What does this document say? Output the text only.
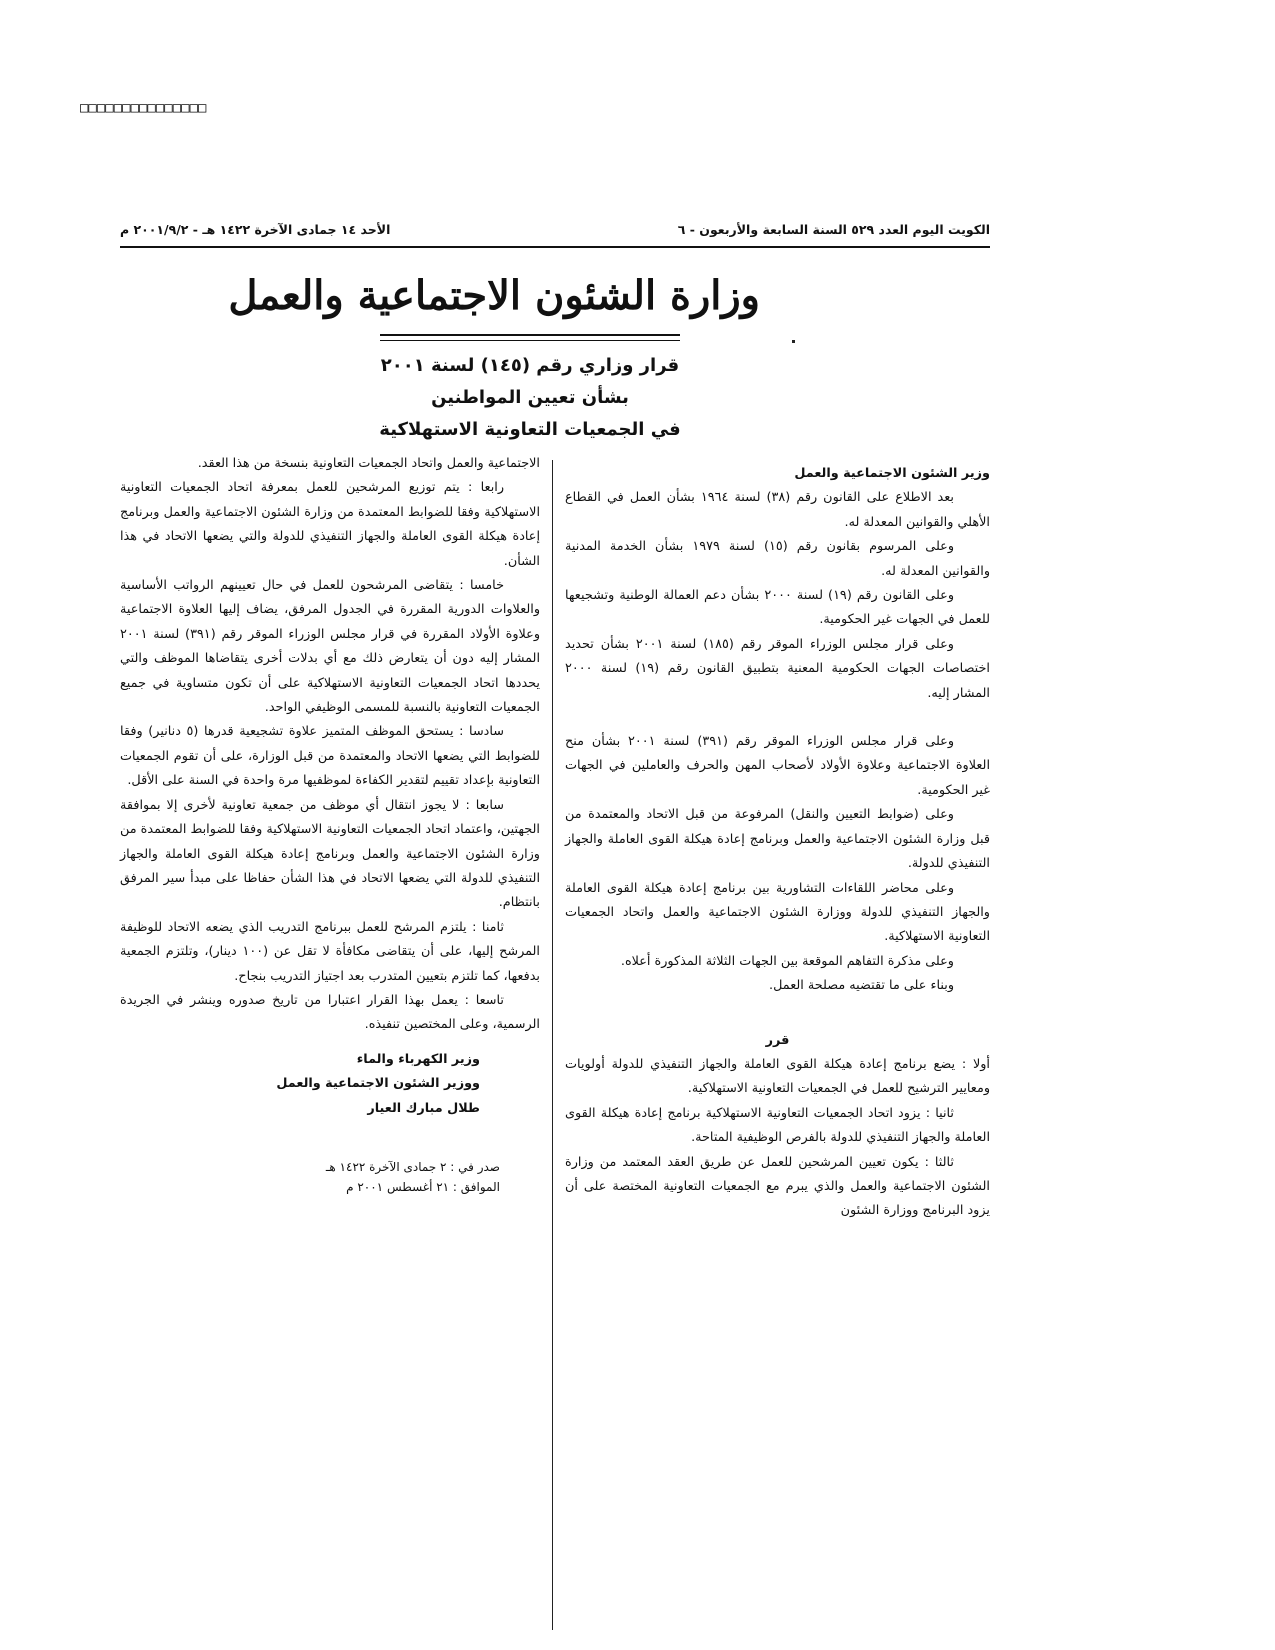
□□□□□□□□□□□□□□□
الكويت اليوم العدد ٥٢٩ السنة السابعة والأربعون - ٦
الأحد ١٤ جمادى الآخرة ١٤٢٢ هـ - ٢٠٠١/٩/٢ م
وزارة الشئون الاجتماعية والعمل
قرار وزاري رقم (١٤٥) لسنة ٢٠٠١
بشأن تعيين المواطنين
في الجمعيات التعاونية الاستهلاكية

وزير الشئون الاجتماعية والعمل

بعد الاطلاع على القانون رقم (٣٨) لسنة ١٩٦٤ بشأن العمل في القطاع الأهلي والقوانين المعدلة له.

وعلى المرسوم بقانون رقم (١٥) لسنة ١٩٧٩ بشأن الخدمة المدنية والقوانين المعدلة له.

وعلى القانون رقم (١٩) لسنة ٢٠٠٠ بشأن دعم العمالة الوطنية وتشجيعها للعمل في الجهات غير الحكومية.

وعلى قرار مجلس الوزراء الموقر رقم (١٨٥) لسنة ٢٠٠١ بشأن تحديد اختصاصات الجهات الحكومية المعنية بتطبيق القانون رقم (١٩) لسنة ٢٠٠٠ المشار إليه.

وعلى قرار مجلس الوزراء الموقر رقم (٣٩١) لسنة ٢٠٠١ بشأن منح العلاوة الاجتماعية وعلاوة الأولاد لأصحاب المهن والحرف والعاملين في الجهات غير الحكومية.

وعلى (ضوابط التعيين والنقل) المرفوعة من قبل الاتحاد والمعتمدة من قبل وزارة الشئون الاجتماعية والعمل وبرنامج إعادة هيكلة القوى العاملة والجهاز التنفيذي للدولة.

وعلى محاضر اللقاءات التشاورية بين برنامج إعادة هيكلة القوى العاملة والجهاز التنفيذي للدولة ووزارة الشئون الاجتماعية والعمل واتحاد الجمعيات التعاونية الاستهلاكية.

وعلى مذكرة التفاهم الموقعة بين الجهات الثلاثة المذكورة أعلاه.

وبناء على ما تقتضيه مصلحة العمل.

قرر

أولا : يضع برنامج إعادة هيكلة القوى العاملة والجهاز التنفيذي للدولة أولويات ومعايير الترشيح للعمل في الجمعيات التعاونية الاستهلاكية.

ثانيا : يزود اتحاد الجمعيات التعاونية الاستهلاكية برنامج إعادة هيكلة القوى العاملة والجهاز التنفيذي للدولة بالفرص الوظيفية المتاحة.

ثالثا : يكون تعيين المرشحين للعمل عن طريق العقد المعتمد من وزارة الشئون الاجتماعية والعمل والذي يبرم مع الجمعيات التعاونية المختصة على أن يزود البرنامج ووزارة الشئون

الاجتماعية والعمل واتحاد الجمعيات التعاونية بنسخة من هذا العقد.

رابعا : يتم توزيع المرشحين للعمل بمعرفة اتحاد الجمعيات التعاونية الاستهلاكية وفقا للضوابط المعتمدة من وزارة الشئون الاجتماعية والعمل وبرنامج إعادة هيكلة القوى العاملة والجهاز التنفيذي للدولة والتي يضعها الاتحاد في هذا الشأن.

خامسا : يتقاضى المرشحون للعمل في حال تعيينهم الرواتب الأساسية والعلاوات الدورية المقررة في الجدول المرفق، يضاف إليها العلاوة الاجتماعية وعلاوة الأولاد المقررة في قرار مجلس الوزراء الموقر رقم (٣٩١) لسنة ٢٠٠١ المشار إليه دون أن يتعارض ذلك مع أي بدلات أخرى يتقاضاها الموظف والتي يحددها اتحاد الجمعيات التعاونية الاستهلاكية على أن تكون متساوية في جميع الجمعيات التعاونية بالنسبة للمسمى الوظيفي الواحد.

سادسا : يستحق الموظف المتميز علاوة تشجيعية قدرها (٥ دنانير) وفقا للضوابط التي يضعها الاتحاد والمعتمدة من قبل الوزارة، على أن تقوم الجمعيات التعاونية بإعداد تقييم لتقدير الكفاءة لموظفيها مرة واحدة في السنة على الأقل.

سابعا : لا يجوز انتقال أي موظف من جمعية تعاونية لأخرى إلا بموافقة الجهتين، واعتماد اتحاد الجمعيات التعاونية الاستهلاكية وفقا للضوابط المعتمدة من وزارة الشئون الاجتماعية والعمل وبرنامج إعادة هيكلة القوى العاملة والجهاز التنفيذي للدولة التي يضعها الاتحاد في هذا الشأن حفاظا على مبدأ سير المرفق بانتظام.

ثامنا : يلتزم المرشح للعمل ببرنامج التدريب الذي يضعه الاتحاد للوظيفة المرشح إليها، على أن يتقاضى مكافأة لا تقل عن (١٠٠ دينار)، وتلتزم الجمعية بدفعها، كما تلتزم بتعيين المتدرب بعد اجتياز التدريب بنجاح.

تاسعا : يعمل بهذا القرار اعتبارا من تاريخ صدوره وينشر في الجريدة الرسمية، وعلى المختصين تنفيذه.

وزير الكهرباء والماء
ووزير الشئون الاجتماعية والعمل
طلال مبارك العيار
صدر في : ٢ جمادى الآخرة ١٤٢٢ هـ
الموافق : ٢١ أغسطس ٢٠٠١ م
